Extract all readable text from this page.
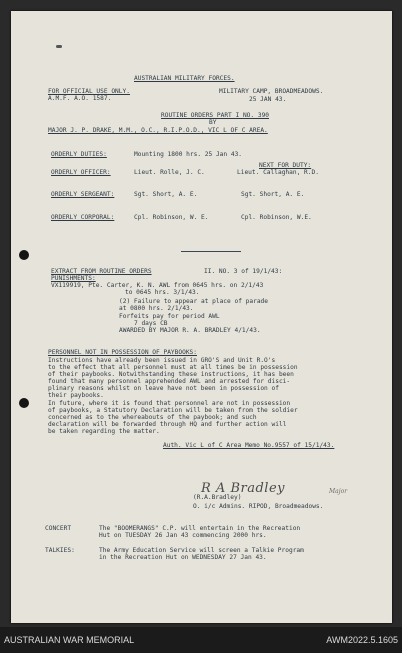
AUSTRALIAN MILITARY FORCES.
FOR OFFICIAL USE ONLY.
A.M.F. A.O. 1587.
MILITARY CAMP, BROADMEADOWS.
25 JAN 43.
ROUTINE ORDERS PART I NO. 390
BY
MAJOR J. P. DRAKE, M.M., O.C., R.I.P.O.D., VIC L OF C AREA.
ORDERLY DUTIES:	Mounting 1800 hrs. 25 Jan 43.
NEXT FOR DUTY:
ORDERLY OFFICER:	Lieut. Rolle, J. C.	Lieut. Callaghan, R.D.
ORDERLY SERGEANT:	Sgt. Short, A. E.	Sgt. Short, A. E.
ORDERLY CORPORAL:	Cpl. Robinson, W. E.	Cpl. Robinson, W.E.
EXTRACT FROM ROUTINE ORDERS	II. NO. 3 of 19/1/43:
PUNISHMENTS:
VX119919, Pte. Carter, K. N. AWL from 0645 hrs. on 2/1/43
to 0645 hrs. 3/1/43.
(2) Failure to appear at place of parade
at 0800 hrs. 2/1/43.
Forfeits pay for period AWL
7 days CB
AWARDED BY MAJOR R. A. BRADLEY 4/1/43.
PERSONNEL NOT IN POSSESSION OF PAYBOOKS:
Instructions have already been issued in GRO'S and Unit R.O's
to the effect that all personnel must at all times be in possession
of their paybooks. Notwithstanding these instructions, it has been
found that many personnel apprehended AWL and arrested for disci-
plinary reasons whilst on leave have not been in possession of
their paybooks.
In future, where it is found that personnel are not in possession
of paybooks, a Statutory Declaration will be taken from the soldier
concerned as to the whereabouts of the paybook; and such
declaration will be forwarded through HQ and further action will
be taken regarding the matter.
Auth. Vic L of C Area Memo No.9557 of 15/1/43.
R A Bradley	Major
(R.A.Bradley)
O. i/c Admins. RIPOD, Broadmeadows.
CONCERT	The "BOOMERANGS" C.P. will entertain in the Recreation
Hut on TUESDAY 26 Jan 43 commencing 2000 hrs.
TALKIES:	The Army Education Service will screen a Talkie Program
in the Recreation Hut on WEDNESDAY 27 Jan 43.
AUSTRALIAN WAR MEMORIAL	AWM2022.5.1605
